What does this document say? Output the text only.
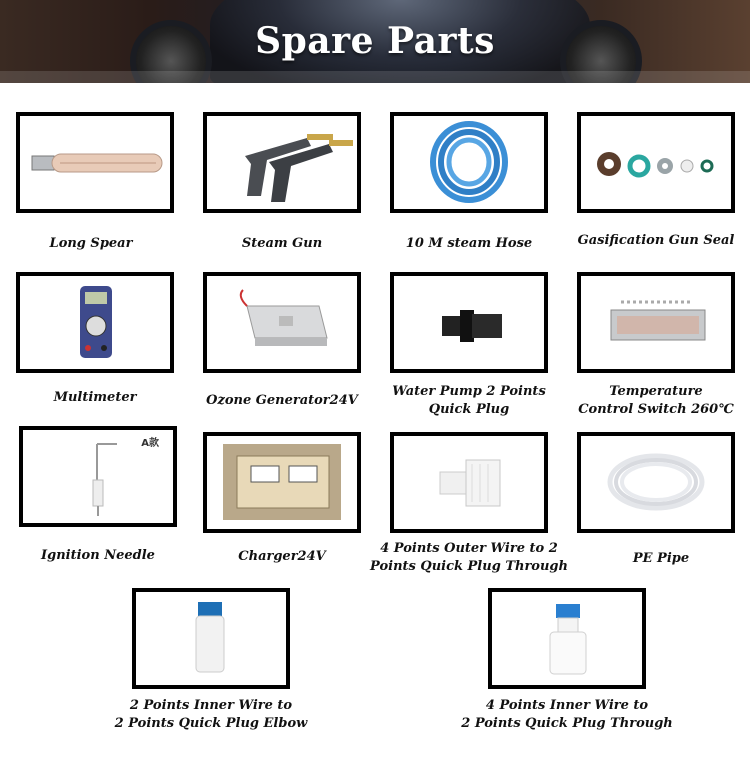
Spare Parts
Long Spear	Steam Gun	10 M steam Hose	Gasification Gun Seal
Multimeter	Ozone Generator24V
Water Pump 2 Points
Quick Plug
Temperature
Control Switch 260℃
A款
Ignition Needle	Charger24V
4 Points Outer Wire to 2
Points Quick Plug Through
PE Pipe
2 Points Inner Wire to
2 Points Quick Plug Elbow
4 Points Inner Wire to
2 Points Quick Plug Through
